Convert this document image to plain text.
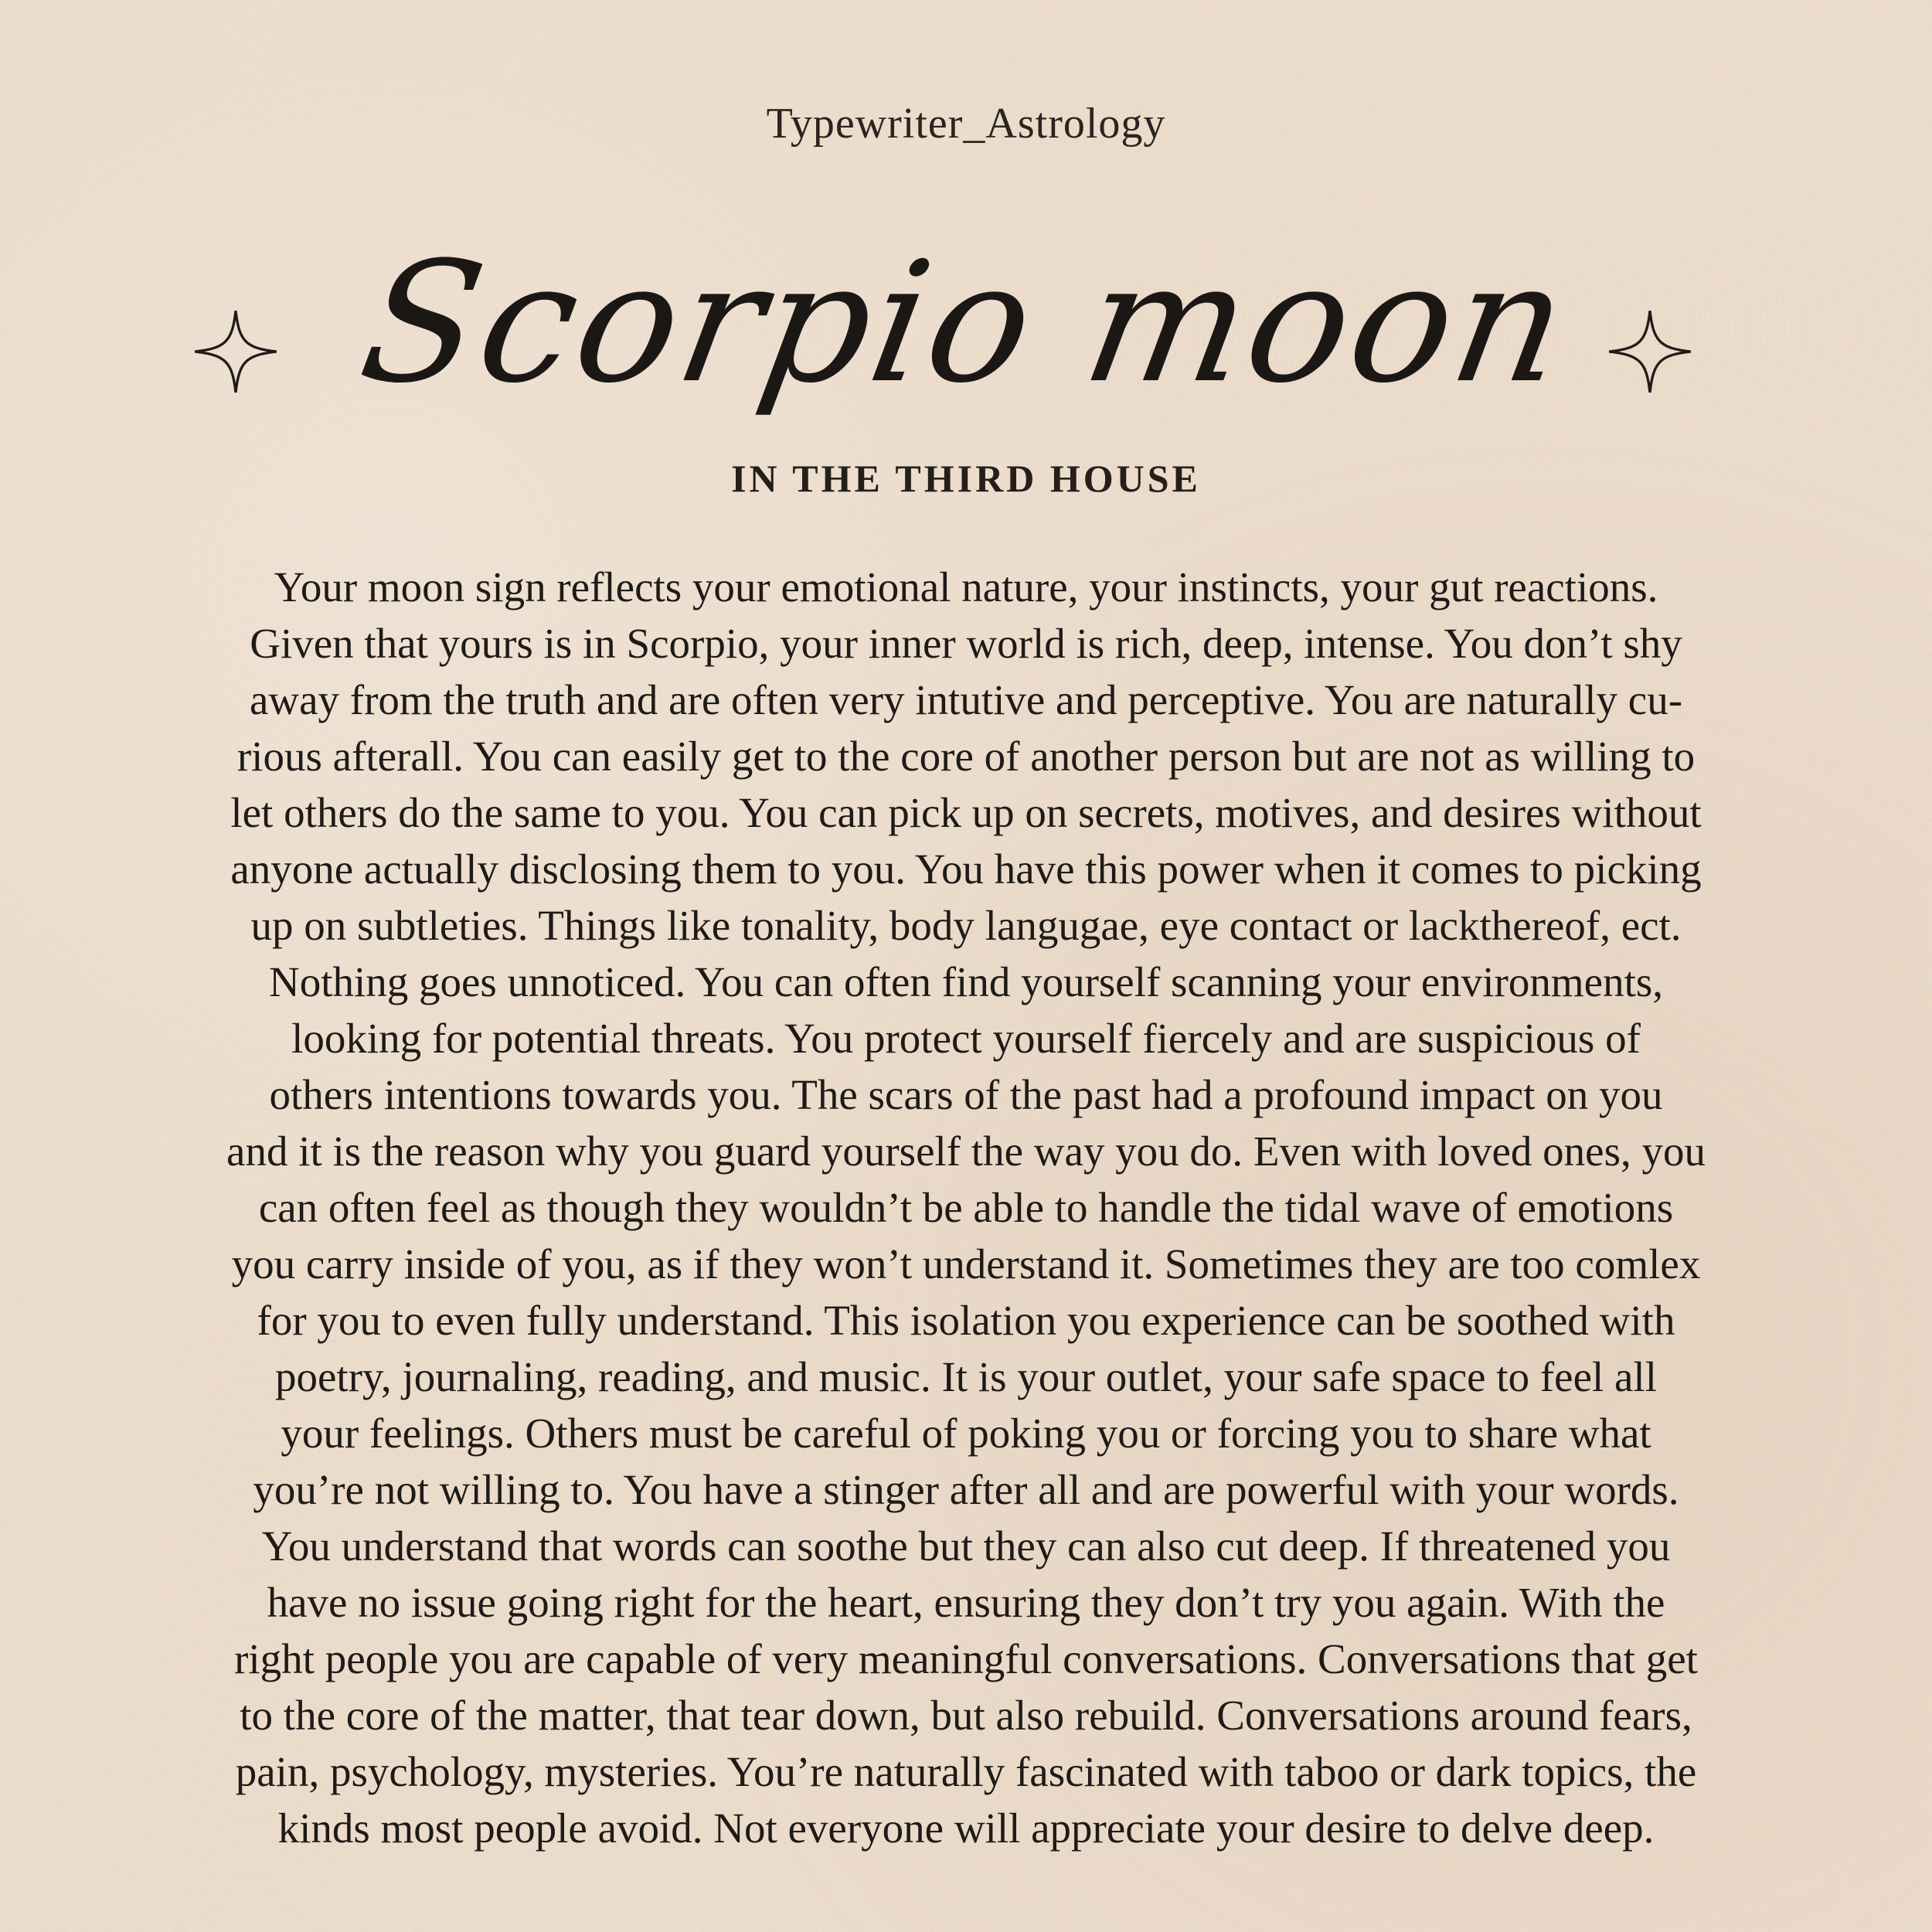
Typewriter_Astrology
Scorpio moon
IN THE THIRD HOUSE
Your moon sign reflects your emotional nature, your instincts, your gut reactions.
Given that yours is in Scorpio, your inner world is rich, deep, intense. You don’t shy
away from the truth and are often very intutive and perceptive. You are naturally cu-
rious afterall. You can easily get to the core of another person but are not as willing to
let others do the same to you. You can pick up on secrets, motives, and desires without
anyone actually disclosing them to you. You have this power when it comes to picking
up on subtleties. Things like tonality, body langugae, eye contact or lackthereof, ect.
Nothing goes unnoticed. You can often find yourself scanning your environments,
looking for potential threats. You protect yourself fiercely and are suspicious of
others intentions towards you. The scars of the past had a profound impact on you
and it is the reason why you guard yourself the way you do. Even with loved ones, you
can often feel as though they wouldn’t be able to handle the tidal wave of emotions
you carry inside of you, as if they won’t understand it. Sometimes they are too comlex
for you to even fully understand. This isolation you experience can be soothed with
poetry, journaling, reading, and music. It is your outlet, your safe space to feel all
your feelings. Others must be careful of poking you or forcing you to share what
you’re not willing to. You have a stinger after all and are powerful with your words.
You understand that words can soothe but they can also cut deep. If threatened you
have no issue going right for the heart, ensuring they don’t try you again. With the
right people you are capable of very meaningful conversations. Conversations that get
to the core of the matter, that tear down, but also rebuild. Conversations around fears,
pain, psychology, mysteries. You’re naturally fascinated with taboo or dark topics, the
kinds most people avoid. Not everyone will appreciate your desire to delve deep.
